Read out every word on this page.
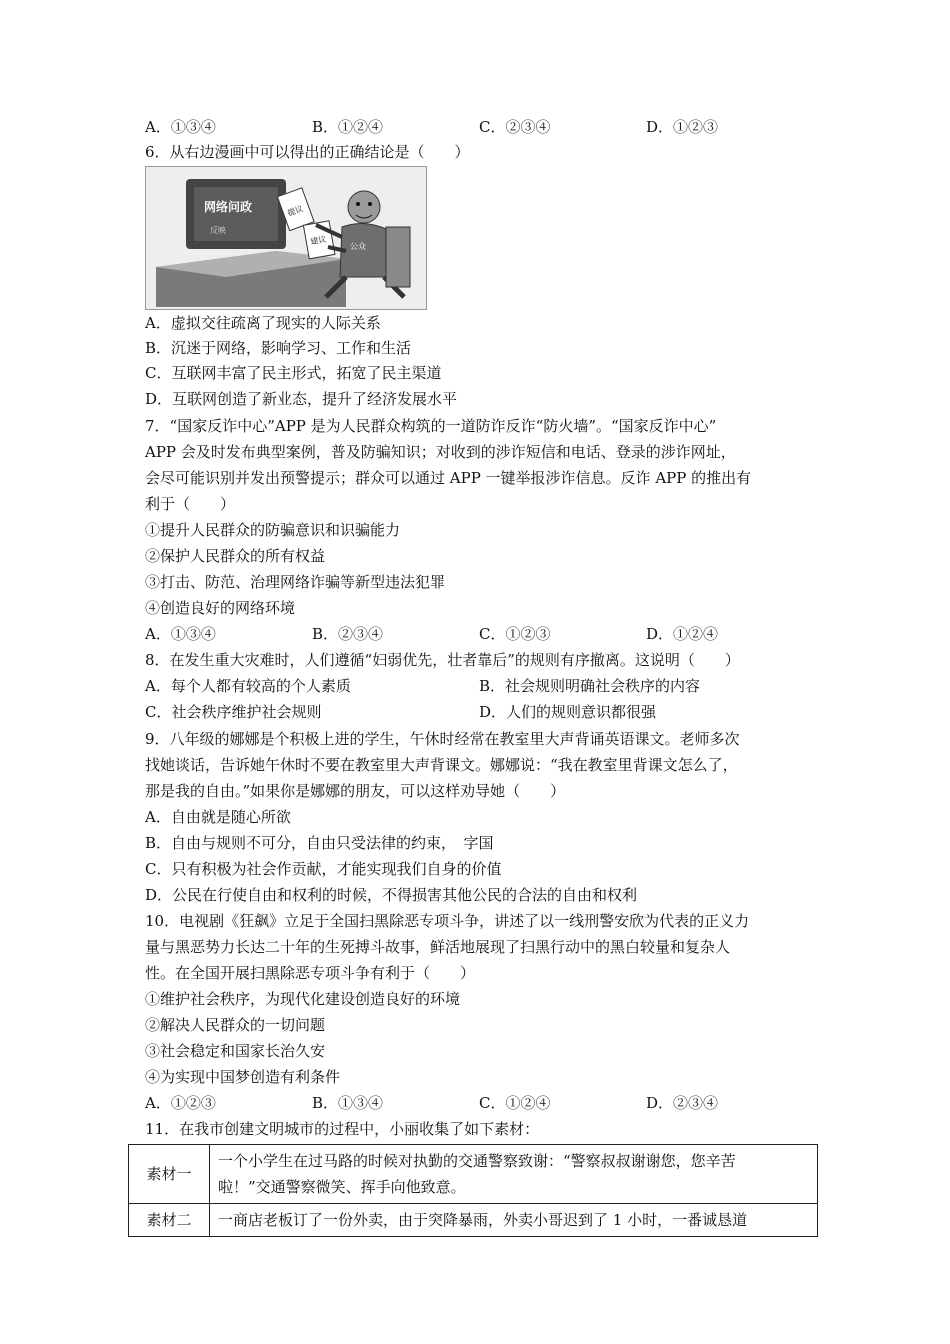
A．①③④	B．①②④	C．②③④	D．①②③
6．从右边漫画中可以得出的正确结论是（　　）
网络问政
反映
提议
建议
公众
A．虚拟交往疏离了现实的人际关系
B．沉迷于网络，影响学习、工作和生活
C．互联网丰富了民主形式，拓宽了民主渠道
D．互联网创造了新业态，提升了经济发展水平
7．“国家反诈中心”APP 是为人民群众构筑的一道防诈反诈“防火墙”。“国家反诈中心”
APP 会及时发布典型案例，普及防骗知识；对收到的涉诈短信和电话、登录的涉诈网址，
会尽可能识别并发出预警提示；群众可以通过 APP 一键举报涉诈信息。反诈 APP 的推出有
利于（　　）
①提升人民群众的防骗意识和识骗能力
②保护人民群众的所有权益
③打击、防范、治理网络诈骗等新型违法犯罪
④创造良好的网络环境
A．①③④	B．②③④	C．①②③	D．①②④
8．在发生重大灾难时，人们遵循“妇弱优先，壮者靠后”的规则有序撤离。这说明（　　）
A．每个人都有较高的个人素质	B．社会规则明确社会秩序的内容
C．社会秩序维护社会规则	D．人们的规则意识都很强
9．八年级的娜娜是个积极上进的学生，午休时经常在教室里大声背诵英语课文。老师多次
找她谈话，告诉她午休时不要在教室里大声背课文。娜娜说：“我在教室里背课文怎么了，
那是我的自由。”如果你是娜娜的朋友，可以这样劝导她（　　）
A．自由就是随心所欲
B．自由与规则不可分，自由只受法律的约束，　字国
C．只有积极为社会作贡献，才能实现我们自身的价值
D．公民在行使自由和权利的时候，不得损害其他公民的合法的自由和权利
10．电视剧《狂飙》立足于全国扫黑除恶专项斗争，讲述了以一线刑警安欣为代表的正义力
量与黑恶势力长达二十年的生死搏斗故事，鲜活地展现了扫黑行动中的黑白较量和复杂人
性。在全国开展扫黑除恶专项斗争有利于（　　）
①维护社会秩序，为现代化建设创造良好的环境
②解决人民群众的一切问题
③社会稳定和国家长治久安
④为实现中国梦创造有利条件
A．①②③	B．①③④	C．①②④	D．②③④
11．在我市创建文明城市的过程中，小丽收集了如下素材：
素材一	一个小学生在过马路的时候对执勤的交通警察致谢：“警察叔叔谢谢您，您辛苦
啦！”交通警察微笑、挥手向他致意。

素材二	一商店老板订了一份外卖，由于突降暴雨，外卖小哥迟到了 1 小时，一番诚恳道
